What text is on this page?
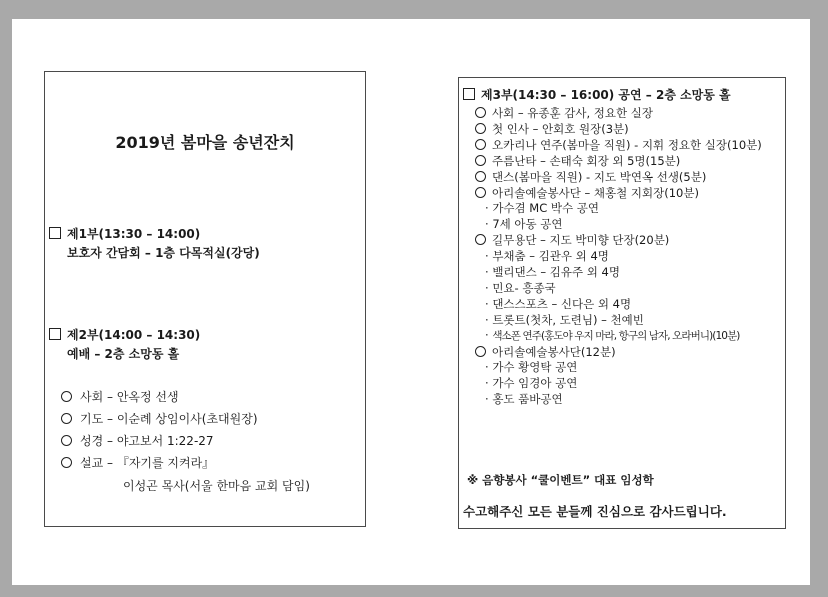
2019년 봄마을 송년잔치
제1부(13:30 – 14:00)
보호자 간담회 – 1층 다목적실(강당)
제2부(14:00 – 14:30)
예배 – 2층 소망동 홀
사회 – 안옥정 선생
기도 – 이순례 상임이사(초대원장)
성경 – 야고보서 1:22-27
설교 – 『자기를 지켜라』
이성곤 목사(서울 한마음 교회 담임)
제3부(14:30 – 16:00) 공연 – 2층 소망동 홀
사회 – 유종훈 감사, 정요한 실장
첫 인사 – 안회호 원장(3분)
오카리나 연주(봄마을 직원) - 지휘 정요한 실장(10분)
주름난타 – 손태숙 회장 외 5명(15분)
댄스(봄마을 직원) - 지도 박연옥 선생(5분)
아리솔예술봉사단 – 채홍철 지회장(10분)
· 가수겸 MC 박수 공연
· 7세 아동 공연
길무용단 – 지도 박미향 단장(20분)
· 부채춤 – 김관우 외 4명
· 밸리댄스 – 김유주 외 4명
· 민요- 흥종국
· 댄스스포츠 – 신다은 외 4명
· 트롯트(첫차, 도련님) – 천예빈
· 색소폰 연주(홍도야 우지 마라, 항구의 남자, 오라버니)(10분)
아리솔예술봉사단(12분)
· 가수 황영탁 공연
· 가수 임경아 공연
· 홍도 품바공연
※ 음향봉사 “쿨이벤트” 대표 임성학
수고해주신 모든 분들께 진심으로 감사드립니다.
